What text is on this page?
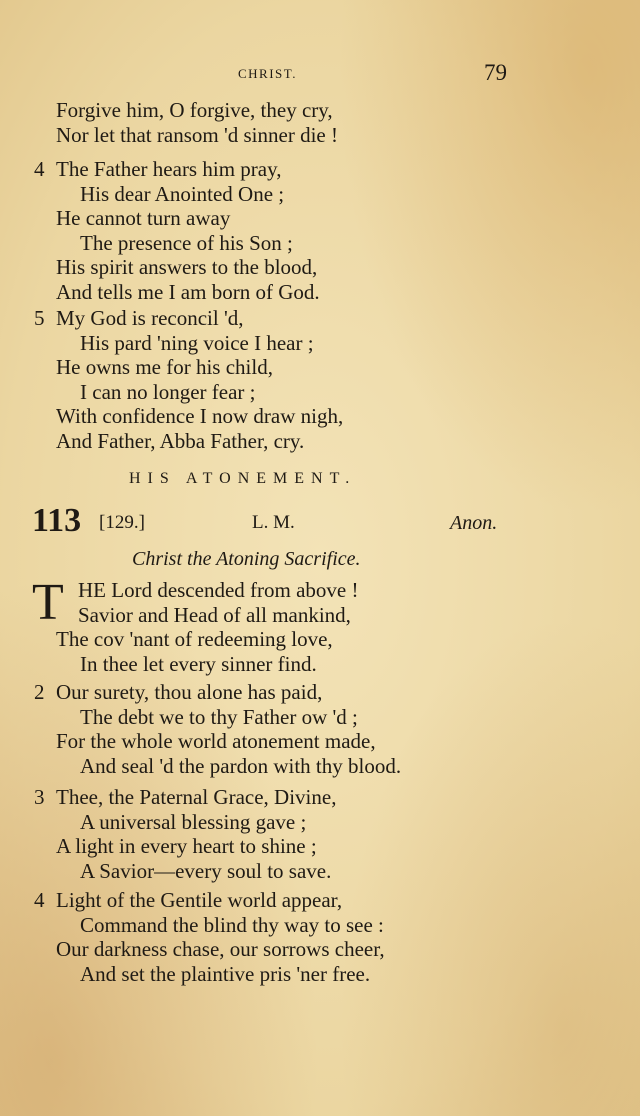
CHRIST.	79
Forgive him, O forgive, they cry,
Nor let that ransom 'd sinner die !
4 The Father hears him pray,
His dear Anointed One ;
He cannot turn away
The presence of his Son ;
His spirit answers to the blood,
And tells me I am born of God.
5 My God is reconcil 'd,
His pard 'ning voice I hear ;
He owns me for his child,
I can no longer fear ;
With confidence I now draw nigh,
And Father, Abba Father, cry.
HIS ATONEMENT.
113 [129.]	L. M.	Anon.
Christ the Atoning Sacrifice.
T HE Lord descended from above !
Savior and Head of all mankind,
The cov 'nant of redeeming love,
In thee let every sinner find.
2 Our surety, thou alone has paid,
The debt we to thy Father ow 'd ;
For the whole world atonement made,
And seal 'd the pardon with thy blood.
3 Thee, the Paternal Grace, Divine,
A universal blessing gave ;
A light in every heart to shine ;
A Savior—every soul to save.
4 Light of the Gentile world appear,
Command the blind thy way to see :
Our darkness chase, our sorrows cheer,
And set the plaintive pris 'ner free.
